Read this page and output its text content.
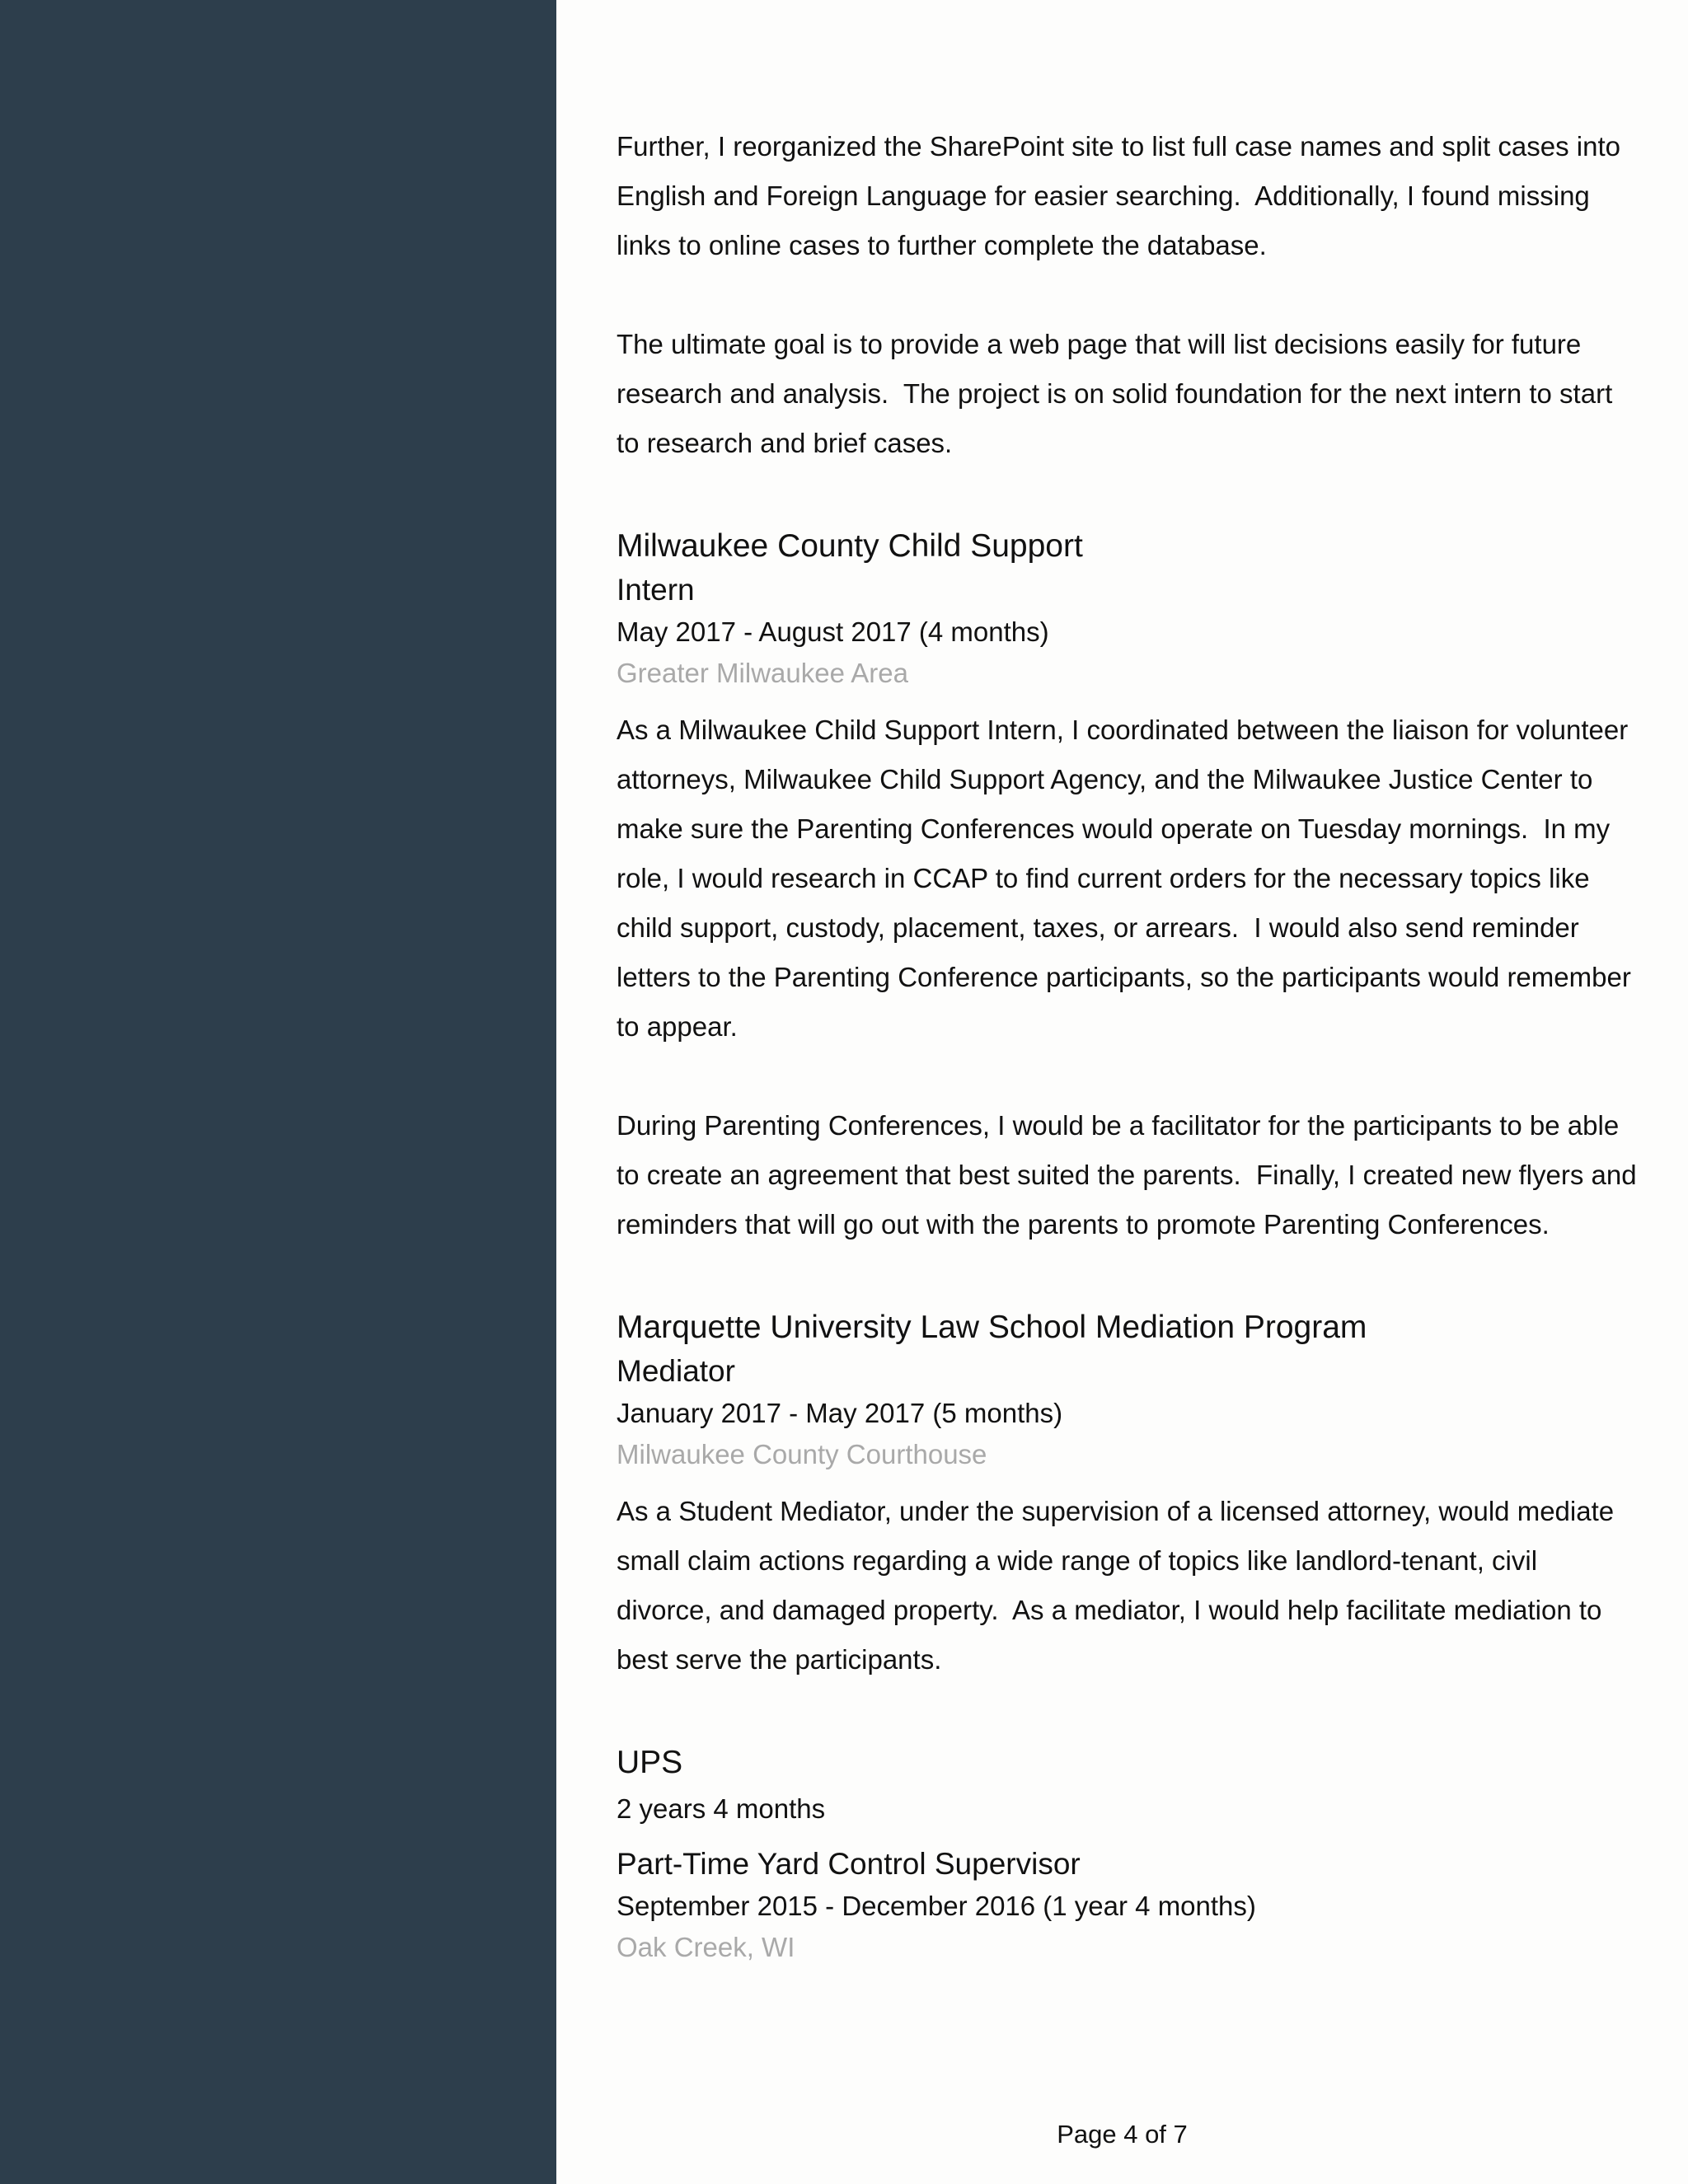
Further, I reorganized the SharePoint site to list full case names and split cases into English and Foreign Language for easier searching.  Additionally, I found missing links to online cases to further complete the database.

The ultimate goal is to provide a web page that will list decisions easily for future research and analysis.  The project is on solid foundation for the next intern to start to research and brief cases.

Milwaukee County Child Support

Intern

May 2017 - August 2017 (4 months)

Greater Milwaukee Area

As a Milwaukee Child Support Intern, I coordinated between the liaison for volunteer attorneys, Milwaukee Child Support Agency, and the Milwaukee Justice Center to make sure the Parenting Conferences would operate on Tuesday mornings.  In my role, I would research in CCAP to find current orders for the necessary topics like child support, custody, placement, taxes, or arrears.  I would also send reminder letters to the Parenting Conference participants, so the participants would remember to appear.

During Parenting Conferences, I would be a facilitator for the participants to be able to create an agreement that best suited the parents.  Finally, I created new flyers and reminders that will go out with the parents to promote Parenting Conferences.

Marquette University Law School Mediation Program

Mediator

January 2017 - May 2017 (5 months)

Milwaukee County Courthouse

As a Student Mediator, under the supervision of a licensed attorney, would mediate small claim actions regarding a wide range of topics like landlord-tenant, civil divorce, and damaged property.  As a mediator, I would help facilitate mediation to best serve the participants.

UPS

2 years 4 months

Part-Time Yard Control Supervisor

September 2015 - December 2016 (1 year 4 months)

Oak Creek, WI

Page 4 of 7
